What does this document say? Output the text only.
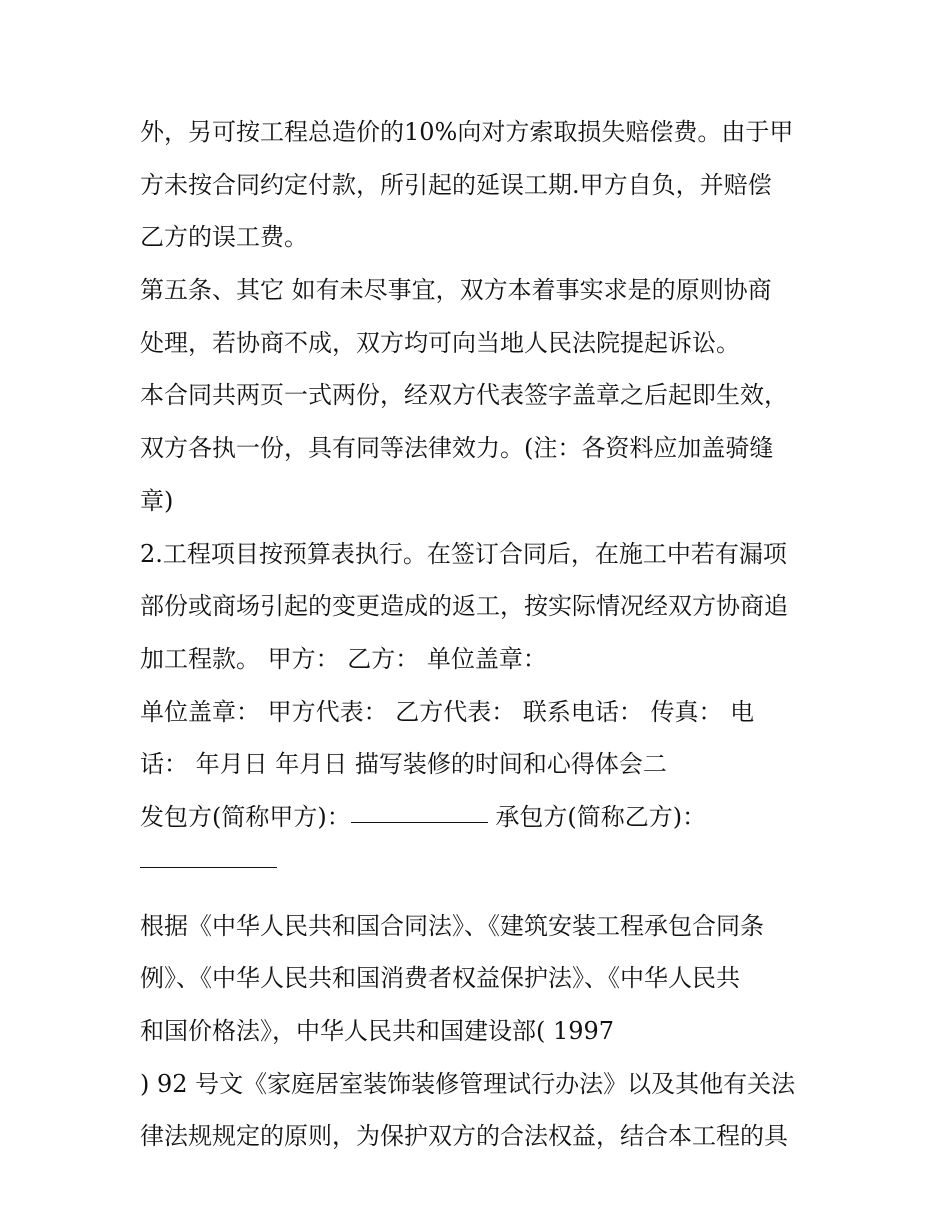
外，另可按工程总造价的10%向对方索取损失赔偿费。由于甲
方未按合同约定付款，所引起的延误工期.甲方自负，并赔偿
乙方的误工费。
第五条、其它 如有未尽事宜，双方本着事实求是的原则协商
处理，若协商不成，双方均可向当地人民法院提起诉讼。
本合同共两页一式两份，经双方代表签字盖章之后起即生效，
双方各执一份，具有同等法律效力。(注：各资料应加盖骑缝
章)
2.工程项目按预算表执行。在签订合同后，在施工中若有漏项
部份或商场引起的变更造成的返工，按实际情况经双方协商追
加工程款。 甲方： 乙方： 单位盖章：
单位盖章： 甲方代表： 乙方代表： 联系电话： 传真： 电
话： 年月日 年月日 描写装修的时间和心得体会二
发包方(简称甲方)：	承包方(简称乙方)：
根据《中华人民共和国合同法》、《建筑安装工程承包合同条
例》、《中华人民共和国消费者权益保护法》、《中华人民共
和国价格法》，中华人民共和国建设部( 1997
) 92 号文《家庭居室装饰装修管理试行办法》以及其他有关法
律法规规定的原则，为保护双方的合法权益，结合本工程的具
